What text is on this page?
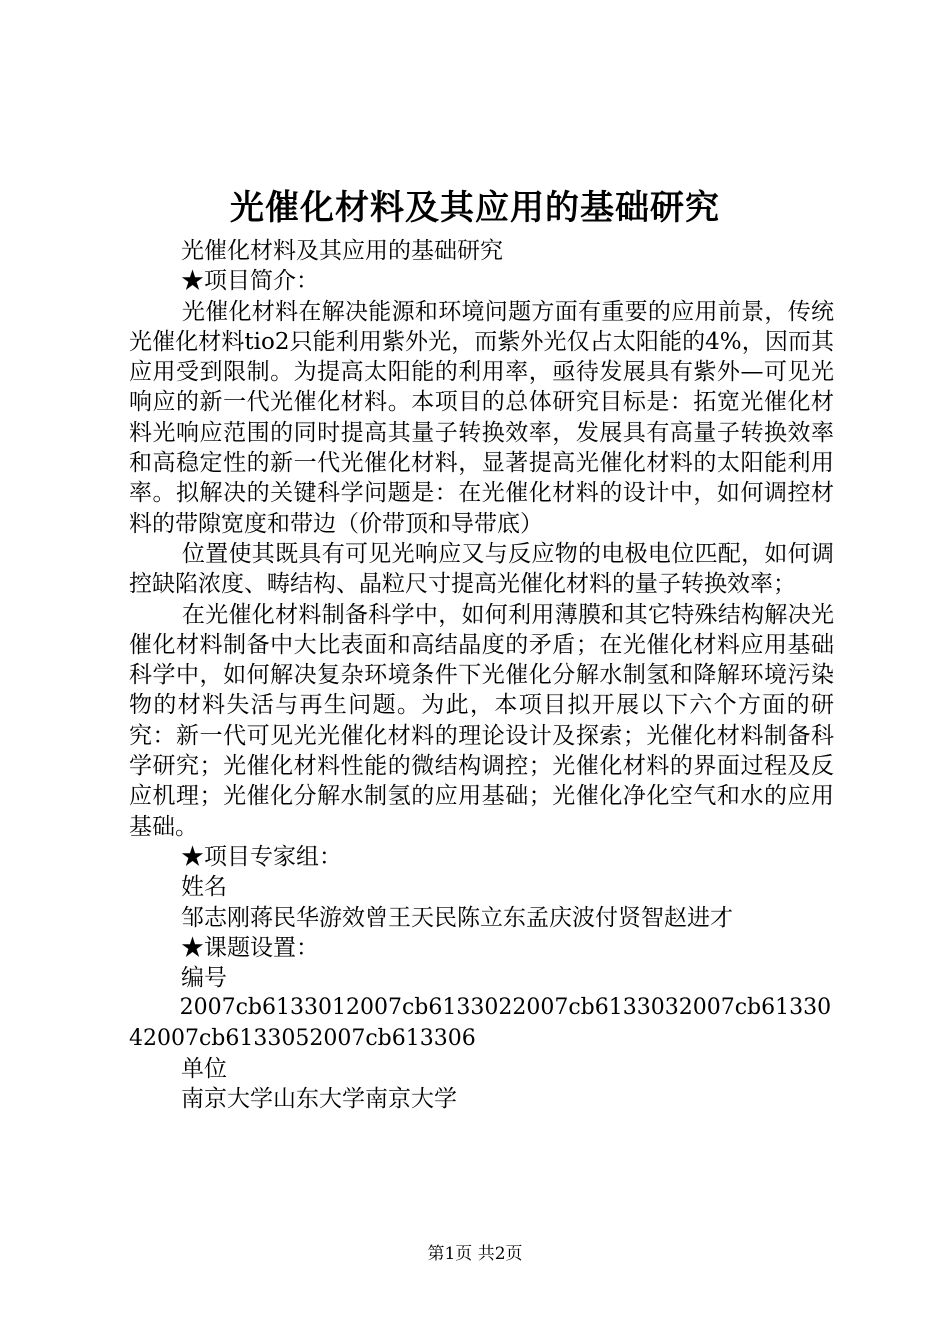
光催化材料及其应用的基础研究

光催化材料及其应用的基础研究

★项目简介：

光催化材料在解决能源和环境问题方面有重要的应用前景，传统光催化材料tio2只能利用紫外光，而紫外光仅占太阳能的4%，因而其应用受到限制。为提高太阳能的利用率，亟待发展具有紫外—可见光响应的新一代光催化材料。本项目的总体研究目标是：拓宽光催化材料光响应范围的同时提高其量子转换效率，发展具有高量子转换效率和高稳定性的新一代光催化材料，显著提高光催化材料的太阳能利用率。拟解决的关键科学问题是：在光催化材料的设计中，如何调控材料的带隙宽度和带边（价带顶和导带底）

位置使其既具有可见光响应又与反应物的电极电位匹配，如何调控缺陷浓度、畴结构、晶粒尺寸提高光催化材料的量子转换效率；

在光催化材料制备科学中，如何利用薄膜和其它特殊结构解决光催化材料制备中大比表面和高结晶度的矛盾；在光催化材料应用基础科学中，如何解决复杂环境条件下光催化分解水制氢和降解环境污染物的材料失活与再生问题。为此，本项目拟开展以下六个方面的研究：新一代可见光光催化材料的理论设计及探索；光催化材料制备科学研究；光催化材料性能的微结构调控；光催化材料的界面过程及反应机理；光催化分解水制氢的应用基础；光催化净化空气和水的应用基础。

★项目专家组：

姓名

邹志刚蒋民华游效曾王天民陈立东孟庆波付贤智赵进才

★课题设置：

编号

2007cb6133012007cb6133022007cb6133032007cb6133042007cb6133052007cb613306

单位

南京大学山东大学南京大学

第1页 共2页
